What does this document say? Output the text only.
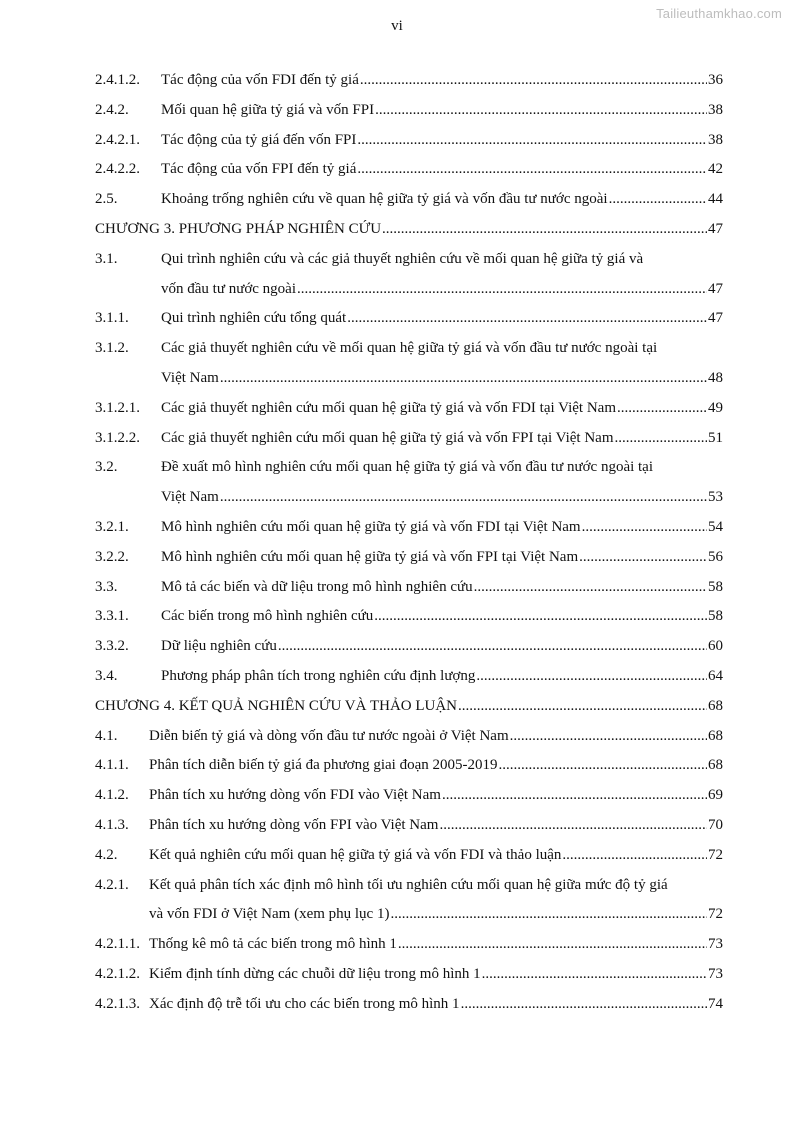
Tailieuthamkhao.com
vi
2.4.1.2.	Tác động của vốn FDI đến tỷ giá .....	36
2.4.2.	Mối quan hệ giữa tỷ giá và vốn FPI .....	38
2.4.2.1.	Tác động của tỷ giá đến vốn FPI .....	38
2.4.2.2.	Tác động của vốn FPI đến tỷ giá .....	42
2.5.	Khoảng trống nghiên cứu về quan hệ giữa tỷ giá và vốn đầu tư nước ngoài .....	44
CHƯƠNG 3. PHƯƠNG PHÁP NGHIÊN CỨU .....	47
3.1.	Qui trình nghiên cứu và các giả thuyết nghiên cứu về mối quan hệ giữa tỷ giá và
vốn đầu tư nước ngoài .....	47
3.1.1.	Qui trình nghiên cứu tổng quát .....	47
3.1.2.	Các giả thuyết nghiên cứu về mối quan hệ giữa tỷ giá và vốn đầu tư nước ngoài tại
Việt Nam .....	48
3.1.2.1.	Các giả thuyết nghiên cứu mối quan hệ giữa tỷ giá và vốn FDI tại Việt Nam .....	49
3.1.2.2.	Các giả thuyết nghiên cứu mối quan hệ giữa tỷ giá và vốn FPI tại Việt Nam .....	51
3.2.	Đề xuất mô hình nghiên cứu mối quan hệ giữa tỷ giá và vốn đầu tư nước ngoài tại
Việt Nam .....	53
3.2.1.	Mô hình nghiên cứu mối quan hệ giữa tỷ giá và vốn FDI tại Việt Nam .....	54
3.2.2.	Mô hình nghiên cứu mối quan hệ giữa tỷ giá và vốn FPI tại Việt Nam .....	56
3.3.	Mô tả các biến và dữ liệu trong mô hình nghiên cứu .....	58
3.3.1.	Các biến trong mô hình nghiên cứu .....	58
3.3.2.	Dữ liệu nghiên cứu .....	60
3.4.	Phương pháp phân tích trong nghiên cứu định lượng .....	64
CHƯƠNG 4. KẾT QUẢ NGHIÊN CỨU VÀ THẢO LUẬN .....	68
4.1.	Diễn biến tỷ giá và dòng vốn đầu tư nước ngoài ở Việt Nam .....	68
4.1.1.	Phân tích diễn biến tỷ giá đa phương giai đoạn 2005-2019 .....	68
4.1.2.	Phân tích xu hướng dòng vốn FDI vào Việt Nam .....	69
4.1.3.	Phân tích xu hướng dòng vốn FPI vào Việt Nam .....	70
4.2.	Kết quả nghiên cứu mối quan hệ giữa tỷ giá và vốn FDI và thảo luận .....	72
4.2.1.	Kết quả phân tích xác định mô hình tối ưu nghiên cứu mối quan hệ giữa mức độ tỷ giá
và vốn FDI ở Việt Nam (xem phụ lục 1) .....	72
4.2.1.1. Thống kê mô tả các biến trong mô hình 1 .....	73
4.2.1.2. Kiểm định tính dừng các chuỗi dữ liệu trong mô hình 1 .....	73
4.2.1.3. Xác định độ trễ tối ưu cho các biến trong mô hình 1 .....	74
